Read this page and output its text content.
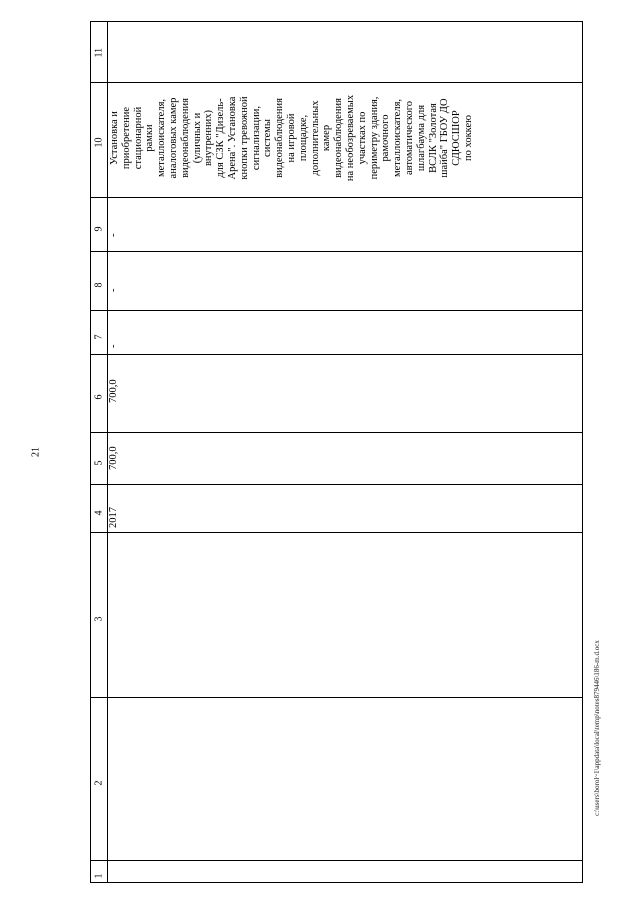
21
c:\users\borol~1\appdata\local\temp\notes879446\186-m.d.ocx
11
10
9
8
7
6
5
4
3
2
1
-
-
-
700,0
700,0
2017
Установка и
приобретение
стационарной
рамки
металлоискателя,
аналоговых камер
видеонаблюдения
(уличных и
внутренних)
для СЗК "Дизель-
Арена". Установка
кнопки тревожной
сигнализации,
системы
видеонаблюдения
на игровой
площадке,
дополнительных
камер
видеонаблюдения
на необозреваемых
участках по
периметру здания,
рамочного
металлоискателя,
автоматического
шлагбаума для
ВСЛК "Золотая
шайба" ГБОУ ДО
СДЮСШОР
по хоккею
